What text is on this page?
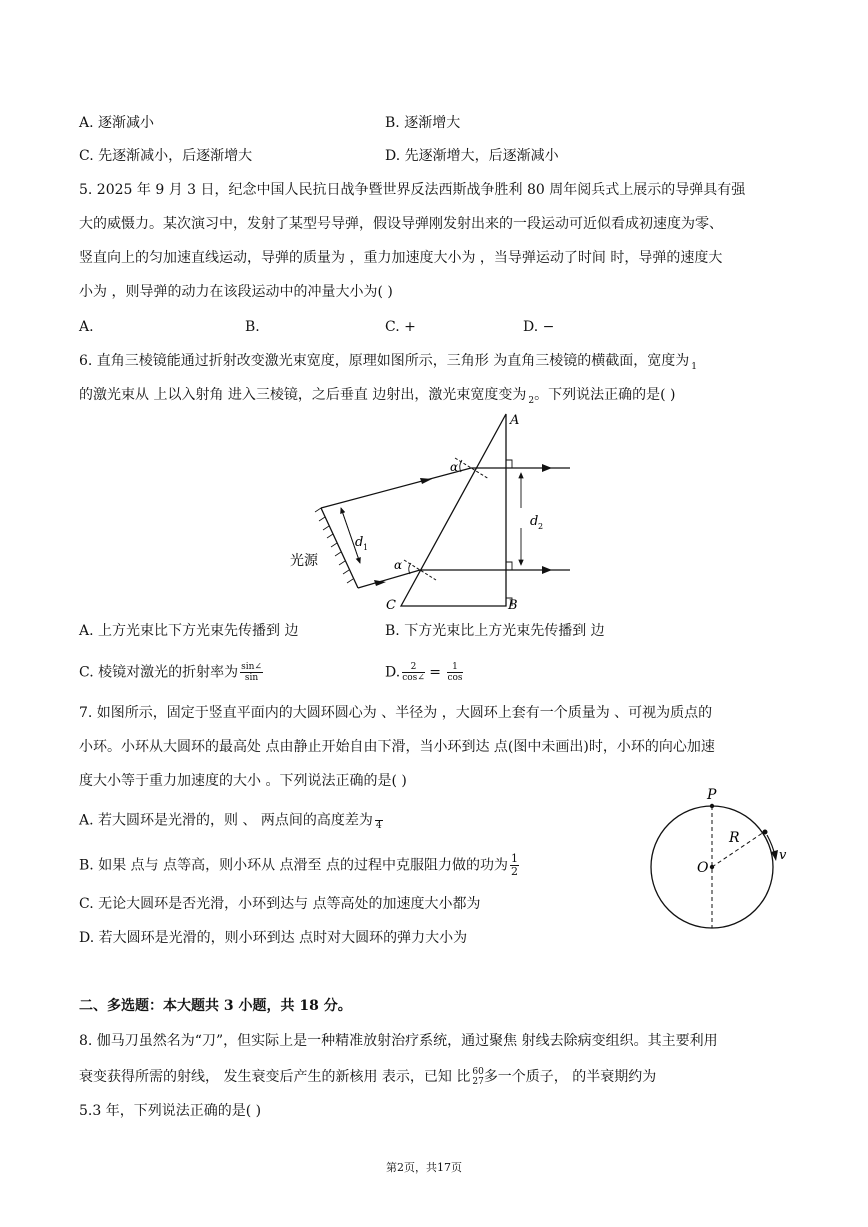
A. 逐渐减小	B. 逐渐增大
C. 先逐渐减小，后逐渐增大	D. 先逐渐增大，后逐渐减小
5. 2025 年 9 月 3 日，纪念中国人民抗日战争暨世界反法西斯战争胜利 80 周年阅兵式上展示的导弹具有强
大的威慑力。某次演习中，发射了某型号导弹，假设导弹刚发射出来的一段运动可近似看成初速度为零、
竖直向上的匀加速直线运动，导弹的质量为 ，重力加速度大小为 ，当导弹运动了时间 时，导弹的速度大
小为 ，则导弹的动力在该段运动中的冲量大小为( )
A.	B.	C. +	D. −
6. 直角三棱镜能通过折射改变激光束宽度，原理如图所示，三角形 为直角三棱镜的横截面，宽度为 $_1$
的激光束从 上以入射角 进入三棱镜，之后垂直 边射出，激光束宽度变为 $_2$。下列说法正确的是( )
A
B
C
α
α
d 1
d 2
光源
A. 上方光束比下方光束先传播到 边	B. 下方光束比上方光束先传播到 边
C. 棱镜对激光的折射率为 $\frac{\sin\angle}{\sin}$	D. $\frac{2}{\cos\angle} = \frac{1}{\cos}$
7. 如图所示，固定于竖直平面内的大圆环圆心为 、半径为 ，大圆环上套有一个质量为 、可视为质点的
小环。小环从大圆环的最高处 点由静止开始自由下滑，当小环到达 点(图中未画出)时，小环的向心加速
度大小等于重力加速度的大小 。下列说法正确的是( )
A. 若大圆环是光滑的，则 、 两点间的高度差为
4
B. 如果 点与 点等高，则小环从 点滑至 点的过程中克服阻力做的功为 $\frac{1}{2}$
C. 无论大圆环是否光滑，小环到达与 点等高处的加速度大小都为
D. 若大圆环是光滑的，则小环到达 点时对大圆环的弹力大小为
P
R
O
v
二、多选题：本大题共 3 小题，共 18 分。
8. 伽马刀虽然名为“刀”，但实际上是一种精准放射治疗系统，通过聚焦 射线去除病变组织。其主要利用
衰变获得所需的射线， 发生衰变后产生的新核用 表示，已知 比 60
27 多一个质子， 的半衰期约为
5.3 年，下列说法正确的是( )
第2页，共17页
